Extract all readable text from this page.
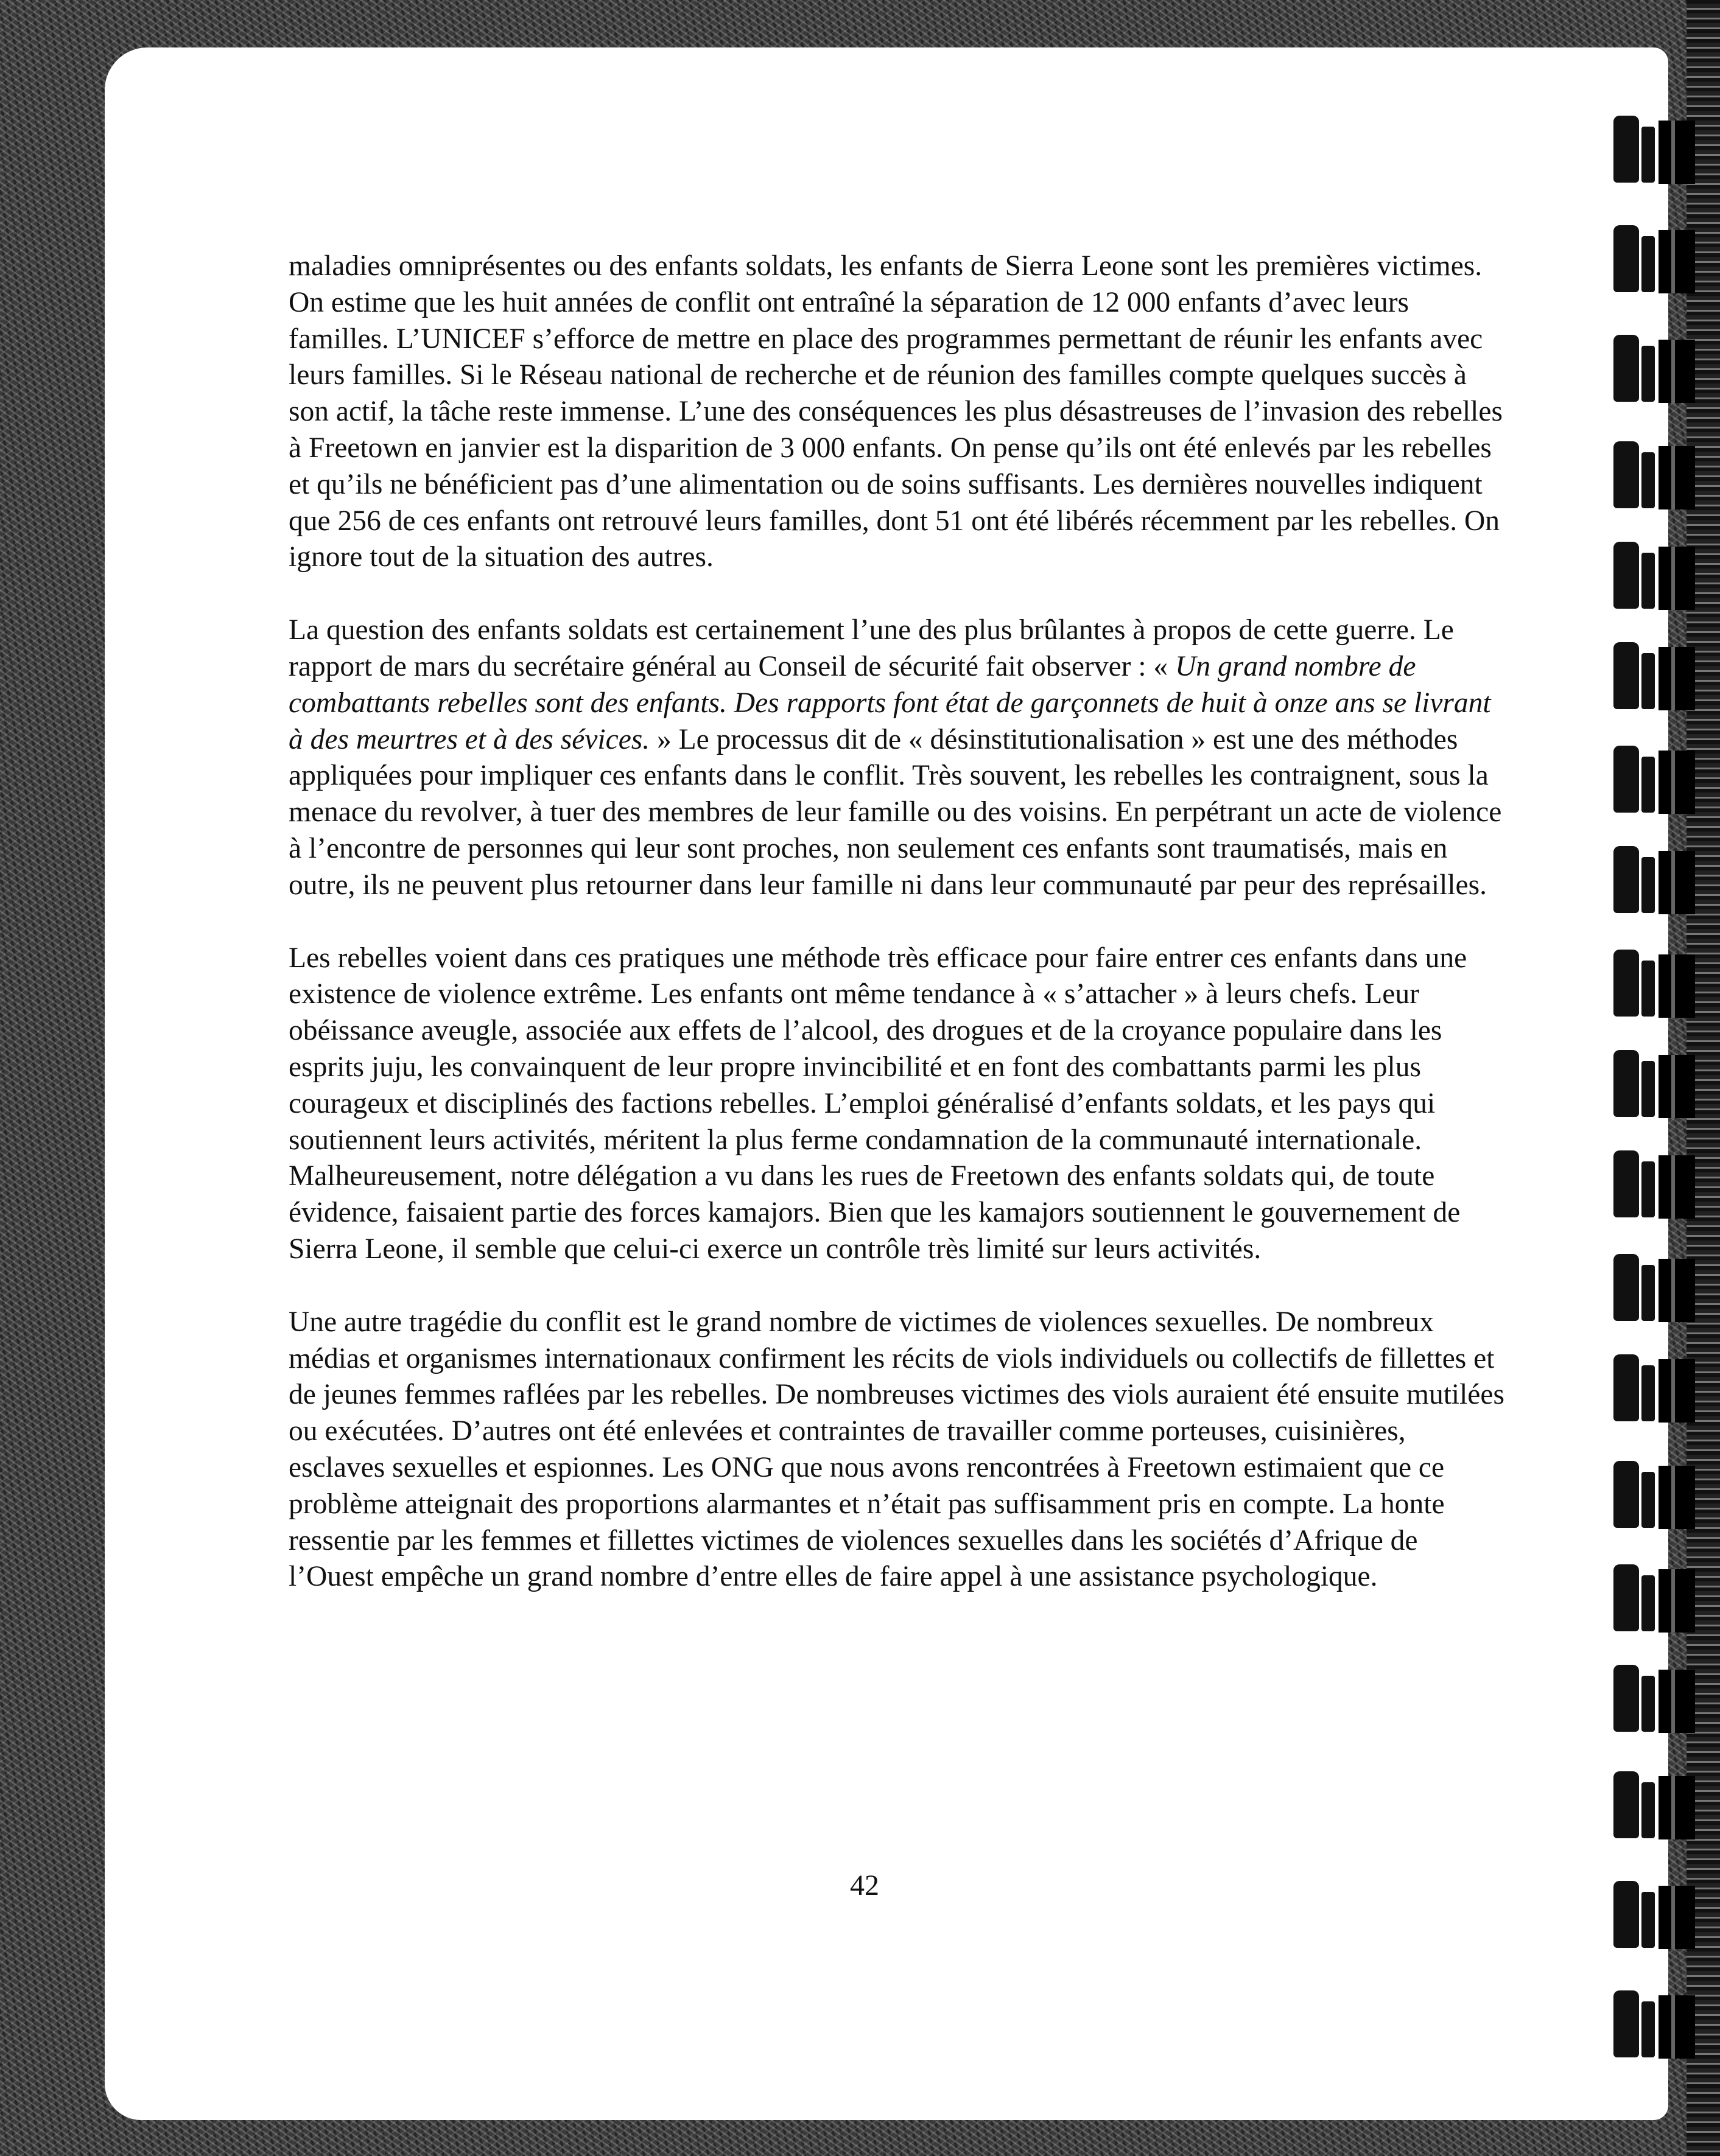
maladies omniprésentes ou des enfants soldats, les enfants de Sierra Leone sont les premières victimes. On estime que les huit années de conflit ont entraîné la séparation de 12 000 enfants d’avec leurs familles. L’UNICEF s’efforce de mettre en place des programmes permettant de réunir les enfants avec leurs familles. Si le Réseau national de recherche et de réunion des familles compte quelques succès à son actif, la tâche reste immense. L’une des conséquences les plus désastreuses de l’invasion des rebelles à Freetown en janvier est la disparition de 3 000 enfants. On pense qu’ils ont été enlevés par les rebelles et qu’ils ne bénéficient pas d’une alimentation ou de soins suffisants. Les dernières nouvelles indiquent que 256 de ces enfants ont retrouvé leurs familles, dont 51 ont été libérés récemment par les rebelles. On ignore tout de la situation des autres.

La question des enfants soldats est certainement l’une des plus brûlantes à propos de cette guerre. Le rapport de mars du secrétaire général au Conseil de sécurité fait observer : « Un grand nombre de combattants rebelles sont des enfants. Des rapports font état de garçonnets de huit à onze ans se livrant à des meurtres et à des sévices. » Le processus dit de « désinstitutionalisation » est une des méthodes appliquées pour impliquer ces enfants dans le conflit. Très souvent, les rebelles les contraignent, sous la menace du revolver, à tuer des membres de leur famille ou des voisins. En perpétrant un acte de violence à l’encontre de personnes qui leur sont proches, non seulement ces enfants sont traumatisés, mais en outre, ils ne peuvent plus retourner dans leur famille ni dans leur communauté par peur des représailles.

Les rebelles voient dans ces pratiques une méthode très efficace pour faire entrer ces enfants dans une existence de violence extrême. Les enfants ont même tendance à « s’attacher » à leurs chefs. Leur obéissance aveugle, associée aux effets de l’alcool, des drogues et de la croyance populaire dans les esprits juju, les convainquent de leur propre invincibilité et en font des combattants parmi les plus courageux et disciplinés des factions rebelles. L’emploi généralisé d’enfants soldats, et les pays qui soutiennent leurs activités, méritent la plus ferme condamnation de la communauté internationale. Malheureusement, notre délégation a vu dans les rues de Freetown des enfants soldats qui, de toute évidence, faisaient partie des forces kamajors. Bien que les kamajors soutiennent le gouvernement de Sierra Leone, il semble que celui-ci exerce un contrôle très limité sur leurs activités.

Une autre tragédie du conflit est le grand nombre de victimes de violences sexuelles. De nombreux médias et organismes internationaux confirment les récits de viols individuels ou collectifs de fillettes et de jeunes femmes raflées par les rebelles. De nombreuses victimes des viols auraient été ensuite mutilées ou exécutées. D’autres ont été enlevées et contraintes de travailler comme porteuses, cuisinières, esclaves sexuelles et espionnes. Les ONG que nous avons rencontrées à Freetown estimaient que ce problème atteignait des proportions alarmantes et n’était pas suffisamment pris en compte. La honte ressentie par les femmes et fillettes victimes de violences sexuelles dans les sociétés d’Afrique de l’Ouest empêche un grand nombre d’entre elles de faire appel à une assistance psychologique.

42
